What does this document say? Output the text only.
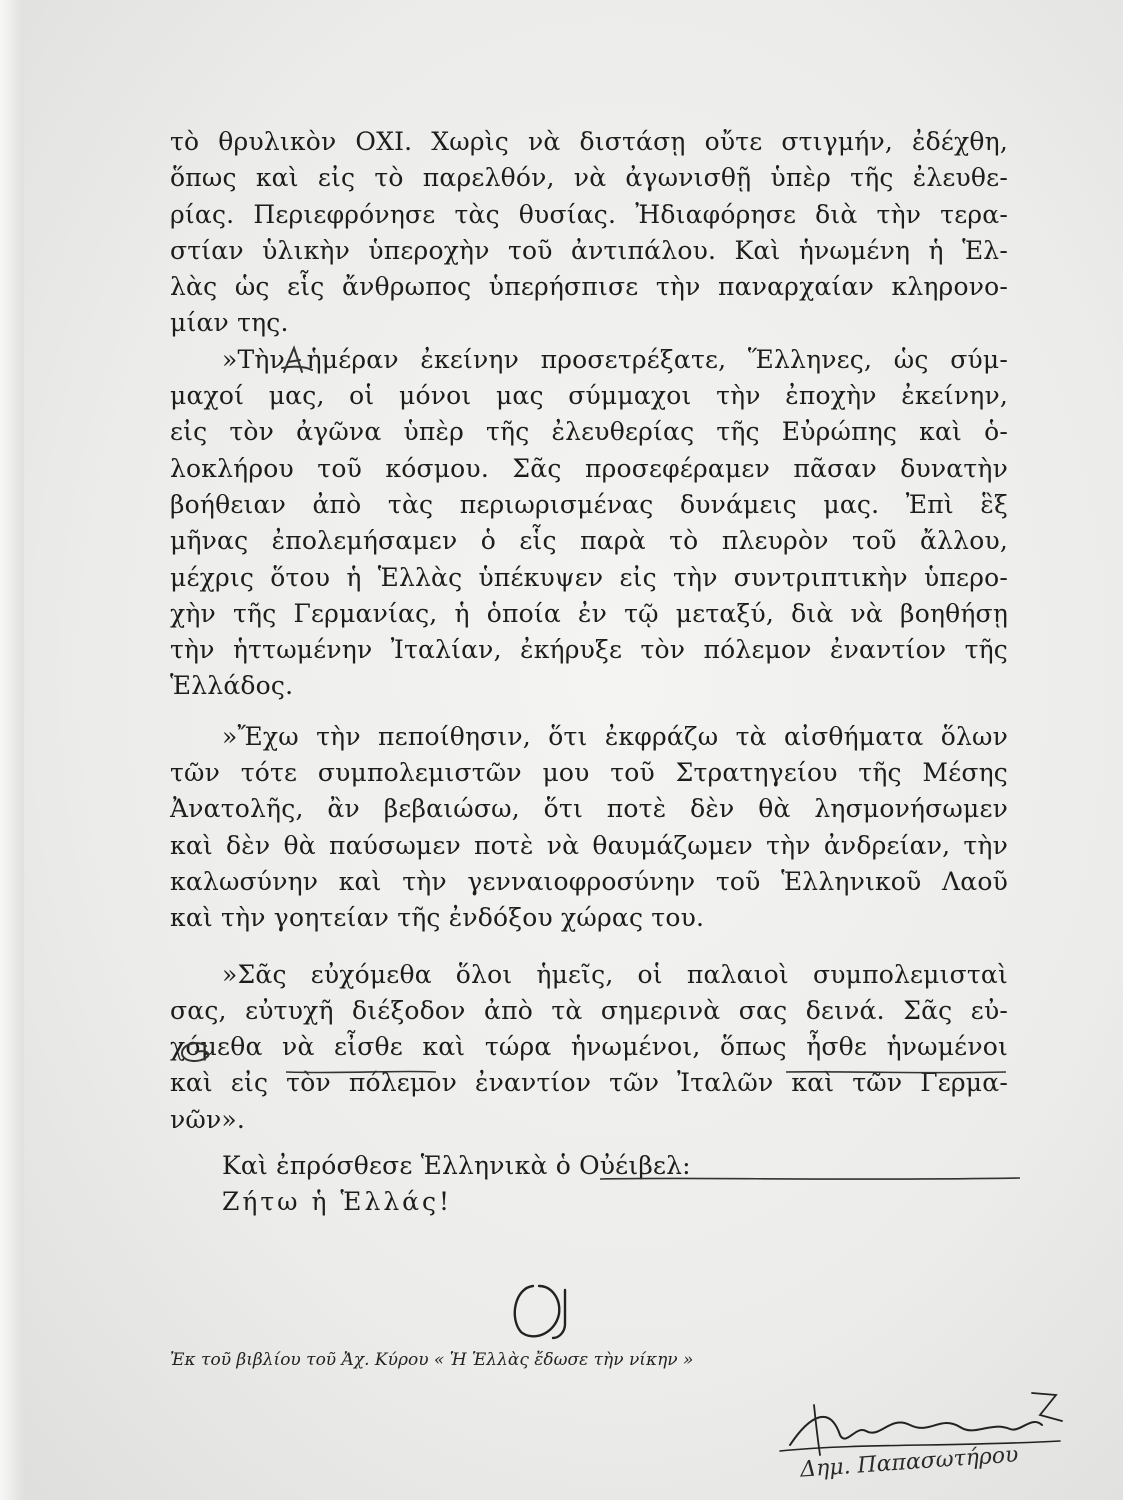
τὸ θρυλικὸν ΟΧΙ. Χωρὶς νὰ διστάσῃ οὔτε στιγμήν, ἐδέχθη,
ὅπως καὶ εἰς τὸ παρελθόν, νὰ ἀγωνισθῇ ὑπὲρ τῆς ἐλευθε-
ρίας. Περιεφρόνησε τὰς θυσίας. Ἠδιαφόρησε διὰ τὴν τερα-
στίαν ὑλικὴν ὑπεροχὴν τοῦ ἀντιπάλου. Καὶ ἡνωμένη ἡ Ἑλ-
λὰς ὡς εἷς ἄνθρωπος ὑπερήσπισε τὴν παναρχαίαν κληρονο-
μίαν της.
»Τὴν ἡμέραν ἐκείνην προσετρέξατε, Ἕλληνες, ὡς σύμ-
μαχοί μας, οἱ μόνοι μας σύμμαχοι τὴν ἐποχὴν ἐκείνην,
εἰς τὸν ἀγῶνα ὑπὲρ τῆς ἐλευθερίας τῆς Εὐρώπης καὶ ὁ-
λοκλήρου τοῦ κόσμου. Σᾶς προσεφέραμεν πᾶσαν δυνατὴν
βοήθειαν ἀπὸ τὰς περιωρισμένας δυνάμεις μας. Ἐπὶ ἓξ
μῆνας ἐπολεμήσαμεν ὁ εἷς παρὰ τὸ πλευρὸν τοῦ ἄλλου,
μέχρις ὅτου ἡ Ἑλλὰς ὑπέκυψεν εἰς τὴν συντριπτικὴν ὑπερο-
χὴν τῆς Γερμανίας, ἡ ὁποία ἐν τῷ μεταξύ, διὰ νὰ βοηθήσῃ
τὴν ἡττωμένην Ἰταλίαν, ἐκήρυξε τὸν πόλεμον ἐναντίον τῆς
Ἑλλάδος.
»Ἔχω τὴν πεποίθησιν, ὅτι ἐκφράζω τὰ αἰσθήματα ὅλων
τῶν τότε συμπολεμιστῶν μου τοῦ Στρατηγείου τῆς Μέσης
Ἀνατολῆς, ἂν βεβαιώσω, ὅτι ποτὲ δὲν θὰ λησμονήσωμεν
καὶ δὲν θὰ παύσωμεν ποτὲ νὰ θαυμάζωμεν τὴν ἀνδρείαν, τὴν
καλωσύνην καὶ τὴν γενναιοφροσύνην τοῦ Ἑλληνικοῦ Λαοῦ
καὶ τὴν γοητείαν τῆς ἐνδόξου χώρας του.
»Σᾶς εὐχόμεθα ὅλοι ἡμεῖς, οἱ παλαιοὶ συμπολεμισταὶ
σας, εὐτυχῆ διέξοδον ἀπὸ τὰ σημερινὰ σας δεινά. Σᾶς εὐ-
χόμεθα νὰ εἶσθε καὶ τώρα ἡνωμένοι, ὅπως ἦσθε ἡνωμένοι
καὶ εἰς τὸν πόλεμον ἐναντίον τῶν Ἰταλῶν καὶ τῶν Γερμα-
νῶν».
Καὶ ἐπρόσθεσε Ἑλληνικὰ ὁ Οὐέιβελ:
Ζήτω ἡ Ἑλλάς!
Ἐκ τοῦ βιβλίου τοῦ Ἀχ. Κύρου « Ἡ Ἑλλὰς ἔδωσε τὴν νίκην »
Δημ. Παπασωτήρου
